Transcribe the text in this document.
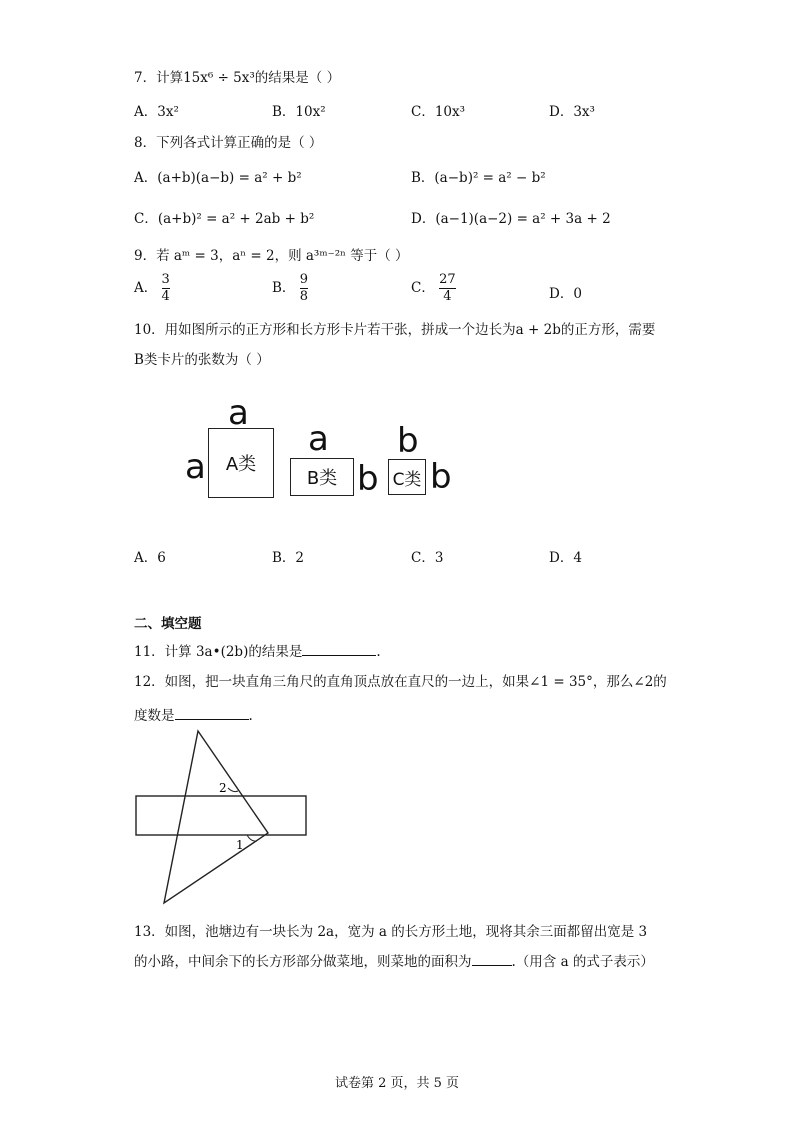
7．计算15x⁶ ÷ 5x³的结果是（ ）
A．3x²	B．10x²	C．10x³	D．3x³
8．下列各式计算正确的是（ ）
A．(a+b)(a−b) = a² + b²	B．(a−b)² = a² − b²
C．(a+b)² = a² + 2ab + b²	D．(a−1)(a−2) = a² + 3a + 2
9．若 aᵐ = 3，aⁿ = 2，则 a³ᵐ⁻²ⁿ 等于（ ）
A． $\frac{3}{4}$	B． $\frac{9}{8}$	C． $\frac{27}{4}$	D．0
10．用如图所示的正方形和长方形卡片若干张，拼成一个边长为a + 2b的正方形，需要
B类卡片的张数为（ ）
a
a A类
a
B类 b
b
C类 b
A．6	B．2	C．3	D．4
二、填空题
11．计算 3a•(2b)的结果是	.
12．如图，把一块直角三角尺的直角顶点放在直尺的一边上，如果∠1 = 35°，那么∠2的
度数是	.
2
1
13．如图，池塘边有一块长为 2a，宽为 a 的长方形土地，现将其余三面都留出宽是 3
的小路，中间余下的长方形部分做菜地，则菜地的面积为	.（用含 a 的式子表示）
试卷第 2 页，共 5 页
